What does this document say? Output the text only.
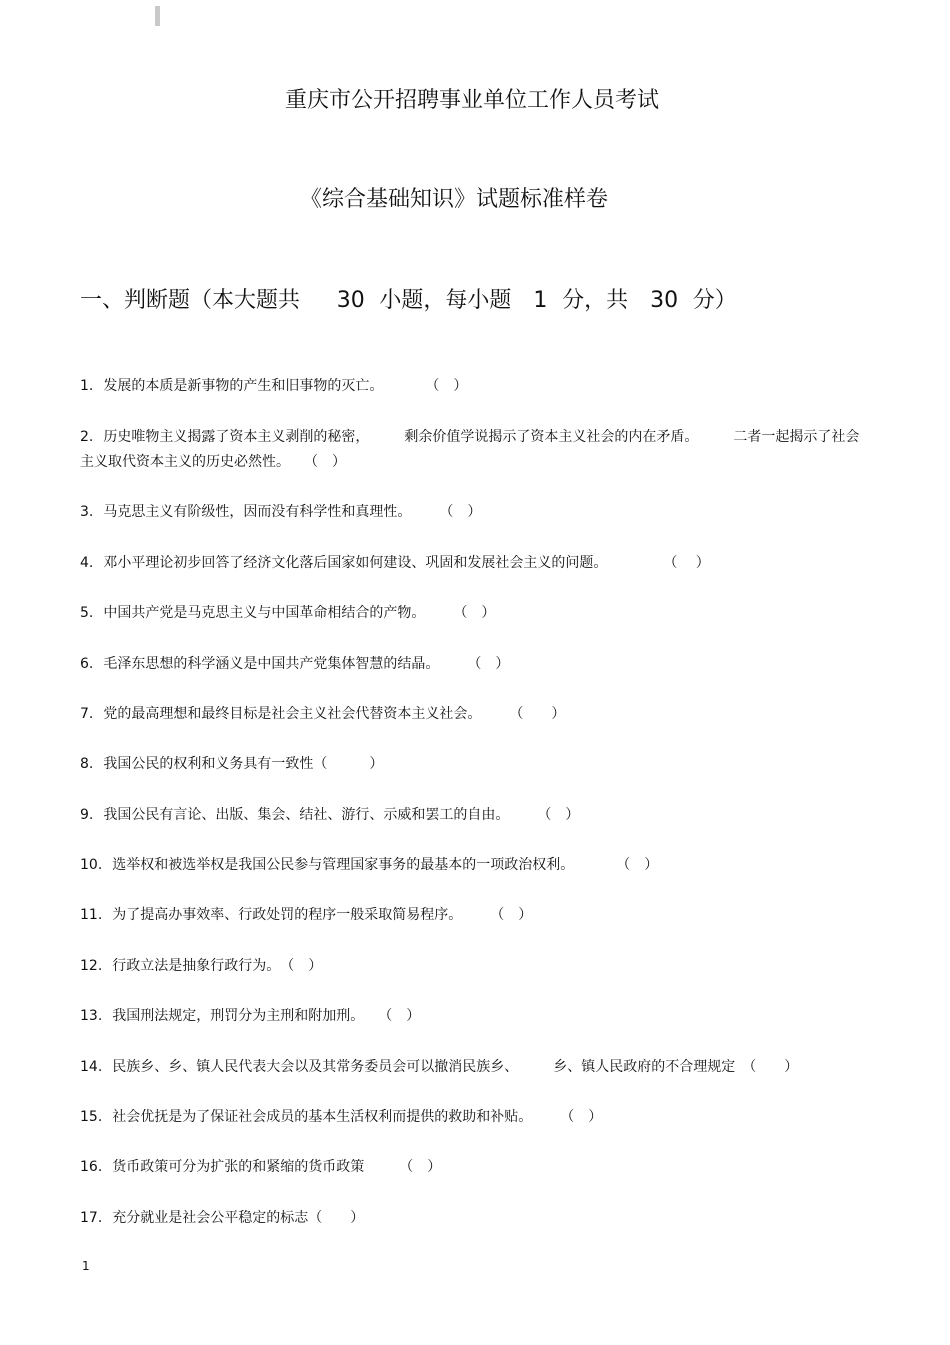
重庆市公开招聘事业单位工作人员考试
《综合基础知识》试题标准样卷
一、判断题（本大题共　 30 小题，每小题　1 分，共　30 分）
1. 发展的本质是新事物的产生和旧事物的灭亡。　　　　（　）
2. 历史唯物主义揭露了资本主义剥削的秘密，　　　剩余价值学说揭示了资本主义社会的内在矛盾。　　　二者一起揭示了社会主义取代资本主义的历史必然性。　　（　）
3. 马克思主义有阶级性，因而没有科学性和真理性。　　　（　）
4. 邓小平理论初步回答了经济文化落后国家如何建设、巩固和发展社会主义的问题。　　　　　（　 ）
5. 中国共产党是马克思主义与中国革命相结合的产物。　　　（　）
6. 毛泽东思想的科学涵义是中国共产党集体智慧的结晶。　　　（　）
7. 党的最高理想和最终目标是社会主义社会代替资本主义社会。　　　（　　）
8. 我国公民的权利和义务具有一致性（　　　）
9. 我国公民有言论、出版、集会、结社、游行、示威和罢工的自由。　　　（　）
10. 选举权和被选举权是我国公民参与管理国家事务的最基本的一项政治权利。　　　　（　）
11. 为了提高办事效率、行政处罚的程序一般采取简易程序。　　　（　）
12. 行政立法是抽象行政行为。　（　）
13. 我国刑法规定，刑罚分为主刑和附加刑。　　（　）
14. 民族乡、乡、镇人民代表大会以及其常务委员会可以撤消民族乡、　　　乡、镇人民政府的不合理规定　（　　）
15. 社会优抚是为了保证社会成员的基本生活权利而提供的救助和补贴。　　　（　）
16. 货币政策可分为扩张的和紧缩的货币政策　　　（　）
17. 充分就业是社会公平稳定的标志（　　）
1
